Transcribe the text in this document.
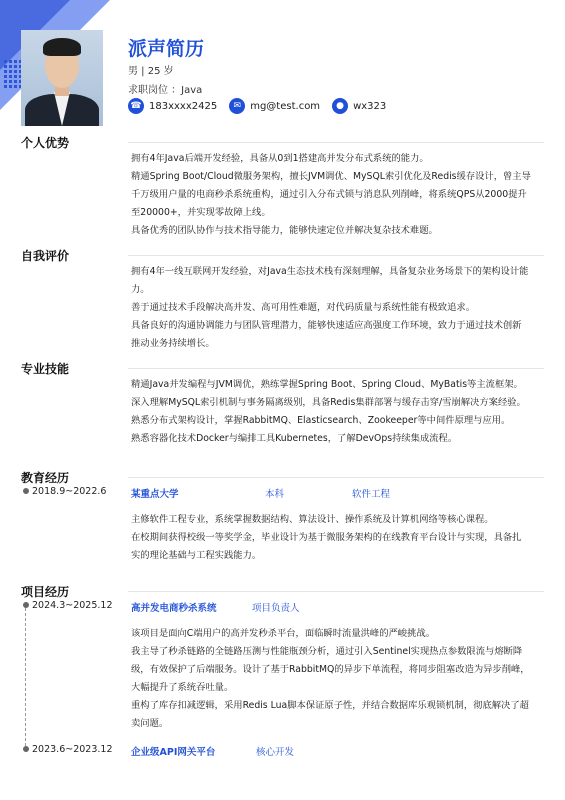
派声简历
男 | 25 岁
求职岗位 ：Java
☎ 183xxxx2425	✉ mg@test.com	● wx323
个人优势
拥有4年Java后端开发经验，具备从0到1搭建高并发分布式系统的能力。
精通Spring Boot/Cloud微服务架构，擅长JVM调优、MySQL索引优化及Redis缓存设计，曾主导
千万级用户量的电商秒杀系统重构，通过引入分布式锁与消息队列削峰，将系统QPS从2000提升
至20000+，并实现零故障上线。
具备优秀的团队协作与技术指导能力，能够快速定位并解决复杂技术难题。
自我评价
拥有4年一线互联网开发经验，对Java生态技术栈有深刻理解，具备复杂业务场景下的架构设计能
力。
善于通过技术手段解决高并发、高可用性难题，对代码质量与系统性能有极致追求。
具备良好的沟通协调能力与团队管理潜力，能够快速适应高强度工作环境，致力于通过技术创新
推动业务持续增长。
专业技能
精通Java并发编程与JVM调优，熟练掌握Spring Boot、Spring Cloud、MyBatis等主流框架。
深入理解MySQL索引机制与事务隔离级别，具备Redis集群部署与缓存击穿/雪崩解决方案经验。
熟悉分布式架构设计，掌握RabbitMQ、Elasticsearch、Zookeeper等中间件原理与应用。
熟悉容器化技术Docker与编排工具Kubernetes，了解DevOps持续集成流程。
教育经历
2018.9~2022.6	某重点大学	本科	软件工程
主修软件工程专业，系统掌握数据结构、算法设计、操作系统及计算机网络等核心课程。
在校期间获得校级一等奖学金，毕业设计为基于微服务架构的在线教育平台设计与实现，具备扎
实的理论基础与工程实践能力。
项目经历
2024.3~2025.12 高并发电商秒杀系统	项目负责人
该项目是面向C端用户的高并发秒杀平台，面临瞬时流量洪峰的严峻挑战。
我主导了秒杀链路的全链路压测与性能瓶颈分析，通过引入Sentinel实现热点参数限流与熔断降
级，有效保护了后端服务。设计了基于RabbitMQ的异步下单流程，将同步阻塞改造为异步削峰，
大幅提升了系统吞吐量。
重构了库存扣减逻辑，采用Redis Lua脚本保证原子性，并结合数据库乐观锁机制，彻底解决了超
卖问题。
2023.6~2023.12 企业级API网关平台	核心开发
